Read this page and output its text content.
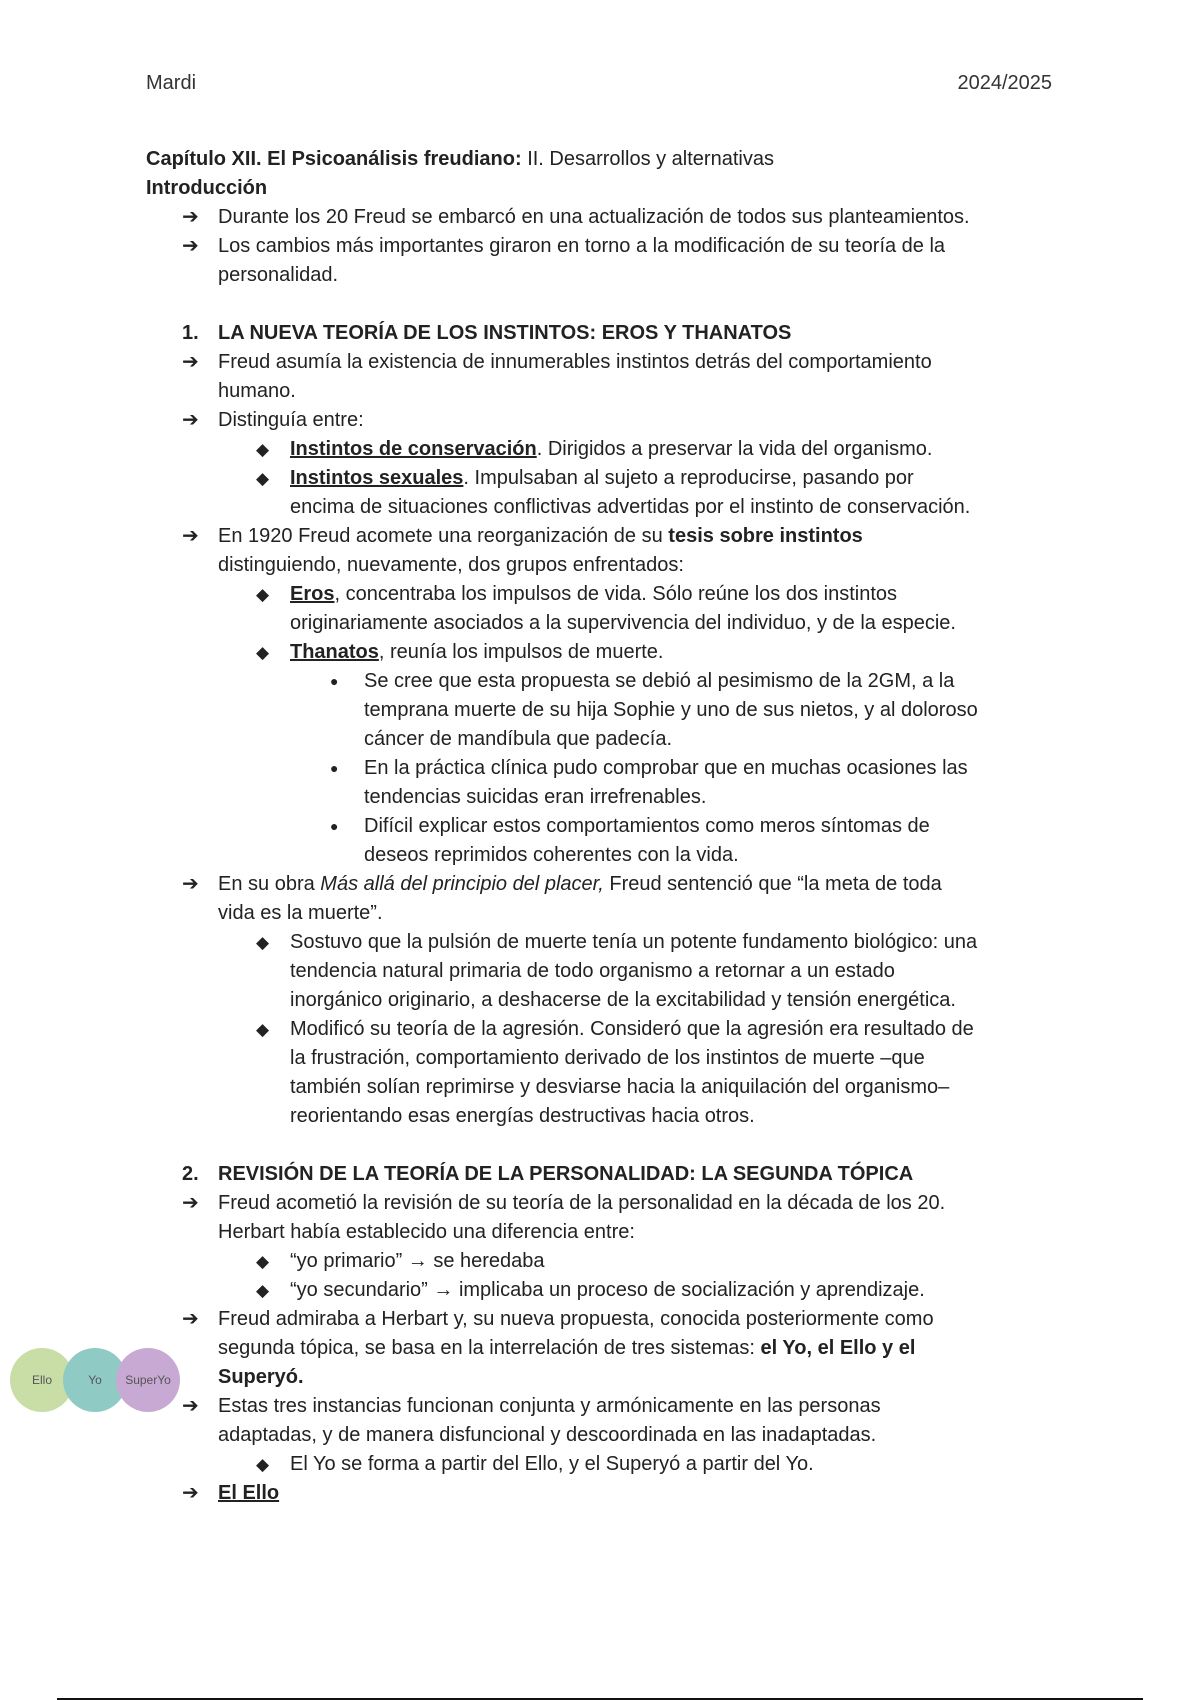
Mardi	2024/2025

Capítulo XII. El Psicoanálisis freudiano: II. Desarrollos y alternativas

Introducción

➔ Durante los 20 Freud se embarcó en una actualización de todos sus planteamientos.

➔ Los cambios más importantes giraron en torno a la modificación de su teoría de la
personalidad.

1. LA NUEVA TEORÍA DE LOS INSTINTOS: EROS Y THANATOS

➔ Freud asumía la existencia de innumerables instintos detrás del comportamiento
humano.

➔ Distinguía entre:

◆ Instintos de conservación. Dirigidos a preservar la vida del organismo.

◆ Instintos sexuales. Impulsaban al sujeto a reproducirse, pasando por
encima de situaciones conflictivas advertidas por el instinto de conservación.

➔ En 1920 Freud acomete una reorganización de su tesis sobre instintos
distinguiendo, nuevamente, dos grupos enfrentados:

◆ Eros, concentraba los impulsos de vida. Sólo reúne los dos instintos
originariamente asociados a la supervivencia del individuo, y de la especie.

◆ Thanatos, reunía los impulsos de muerte.

● Se cree que esta propuesta se debió al pesimismo de la 2GM, a la
temprana muerte de su hija Sophie y uno de sus nietos, y al doloroso
cáncer de mandíbula que padecía.

● En la práctica clínica pudo comprobar que en muchas ocasiones las
tendencias suicidas eran irrefrenables.

● Difícil explicar estos comportamientos como meros síntomas de
deseos reprimidos coherentes con la vida.

➔ En su obra Más allá del principio del placer, Freud sentenció que “la meta de toda
vida es la muerte”.

◆ Sostuvo que la pulsión de muerte tenía un potente fundamento biológico: una
tendencia natural primaria de todo organismo a retornar a un estado
inorgánico originario, a deshacerse de la excitabilidad y tensión energética.

◆ Modificó su teoría de la agresión. Consideró que la agresión era resultado de
la frustración, comportamiento derivado de los instintos de muerte –que
también solían reprimirse y desviarse hacia la aniquilación del organismo–
reorientando esas energías destructivas hacia otros.

2. REVISIÓN DE LA TEORÍA DE LA PERSONALIDAD: LA SEGUNDA TÓPICA

➔ Freud acometió la revisión de su teoría de la personalidad en la década de los 20.
Herbart había establecido una diferencia entre:

◆ “yo primario” → se heredaba

◆ “yo secundario” → implicaba un proceso de socialización y aprendizaje.

➔ Freud admiraba a Herbart y, su nueva propuesta, conocida posteriormente como
segunda tópica, se basa en la interrelación de tres sistemas: el Yo, el Ello y el
Superyó.

➔ Estas tres instancias funcionan conjunta y armónicamente en las personas
adaptadas, y de manera disfuncional y descoordinada en las inadaptadas.

◆ El Yo se forma a partir del Ello, y el Superyó a partir del Yo.

➔ El Ello

Ello	Yo	Super Yo
